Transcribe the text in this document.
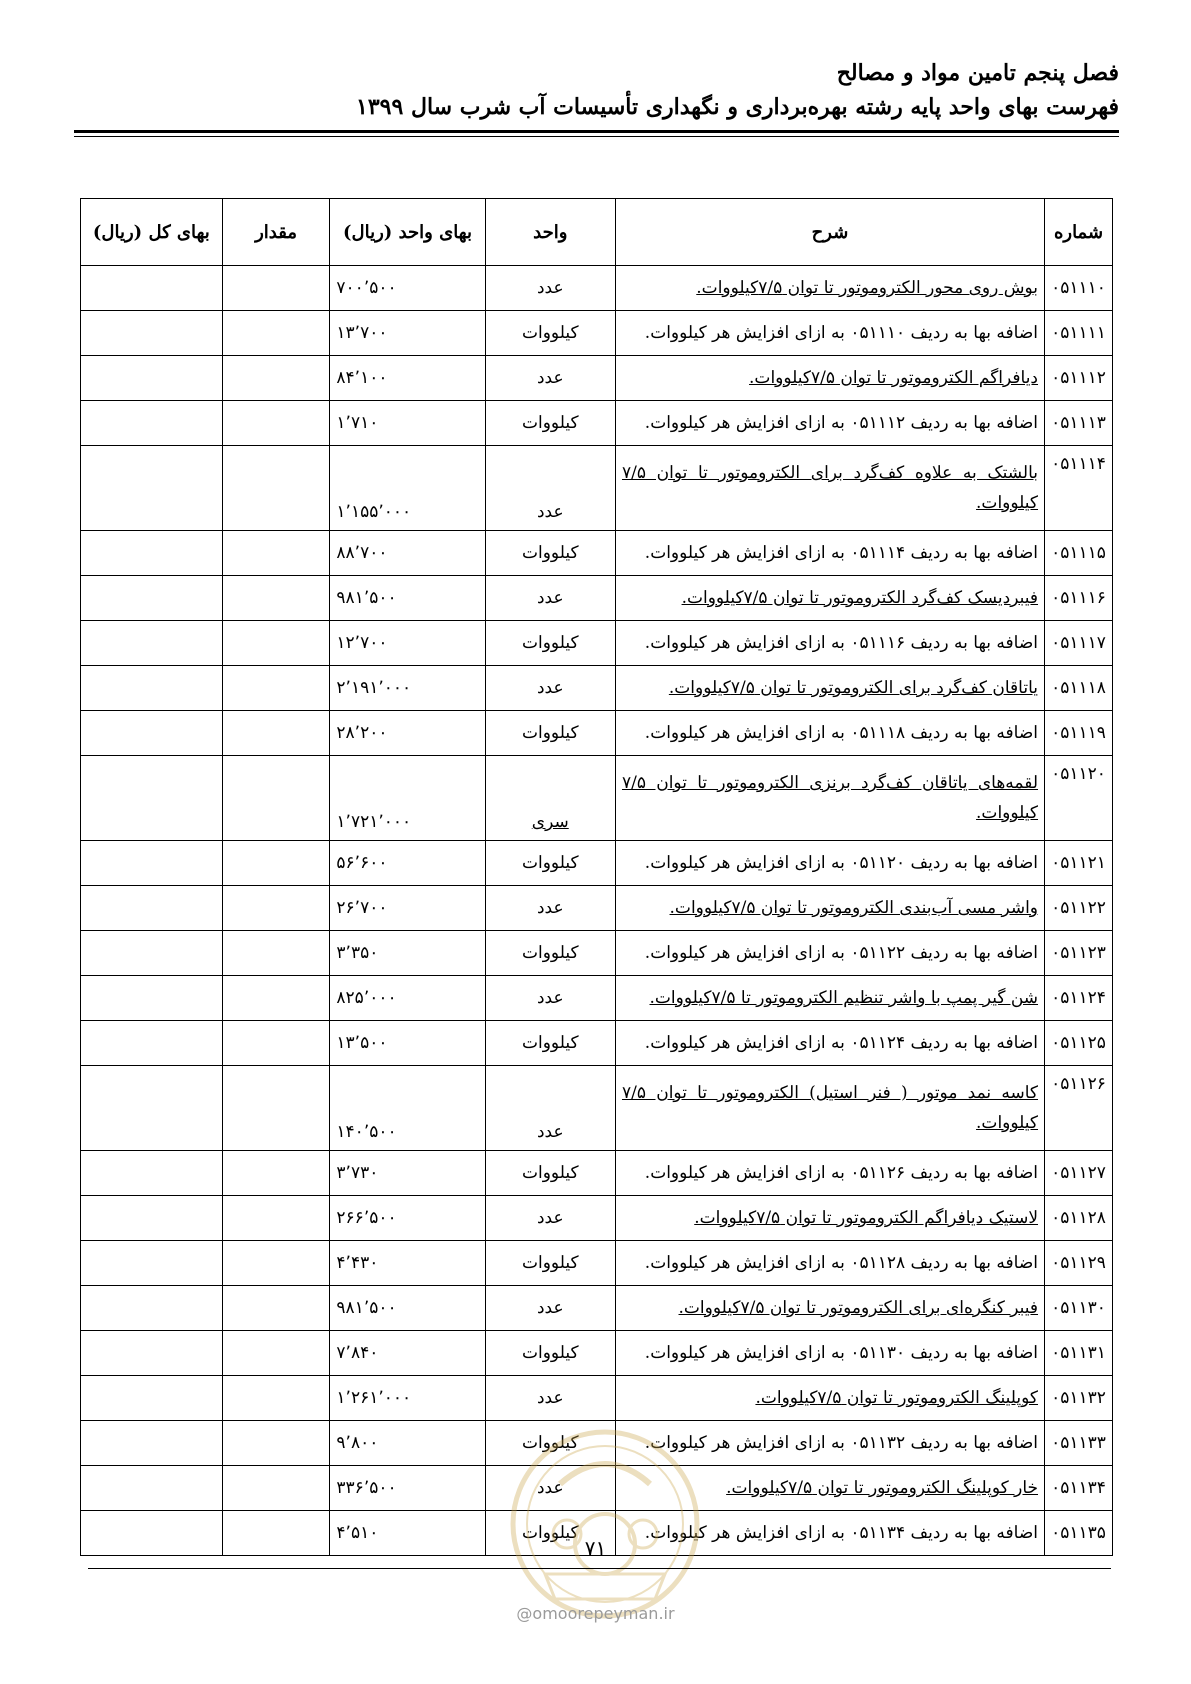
فصل پنجم تامین مواد و مصالح
فهرست بهای واحد پایه رشته بهره‌برداری و نگهداری تأسیسات آب شرب سال ۱۳۹۹
شماره	شرح	واحد	بهای واحد (ریال)	مقدار	بهای کل (ریال)
۰۵۱۱۱۰	بوش روی محور الکتروموتور تا توان ۷/۵کیلووات.	عدد	۷۰۰٬۵۰۰		
۰۵۱۱۱۱	اضافه بها به ردیف ۰۵۱۱۱۰ به ازای افزایش هر کیلووات.	کیلووات	۱۳٬۷۰۰		
۰۵۱۱۱۲	دیافراگم الکتروموتور تا توان ۷/۵کیلووات.	عدد	۸۴٬۱۰۰		
۰۵۱۱۱۳	اضافه بها به ردیف ۰۵۱۱۱۲ به ازای افزایش هر کیلووات.	کیلووات	۱٬۷۱۰		
۰۵۱۱۱۴	بالشتک به علاوه کف‌گرد برای الکتروموتور تا توان ۷/۵ کیلووات.	عدد	۱٬۱۵۵٬۰۰۰		
۰۵۱۱۱۵	اضافه بها به ردیف ۰۵۱۱۱۴ به ازای افزایش هر کیلووات.	کیلووات	۸۸٬۷۰۰		
۰۵۱۱۱۶	فیبردیسک کف‌گرد الکتروموتور تا توان ۷/۵کیلووات.	عدد	۹۸۱٬۵۰۰		
۰۵۱۱۱۷	اضافه بها به ردیف ۰۵۱۱۱۶ به ازای افزایش هر کیلووات.	کیلووات	۱۲٬۷۰۰		
۰۵۱۱۱۸	یاتاقان کف‌گرد برای الکتروموتور تا توان ۷/۵کیلووات.	عدد	۲٬۱۹۱٬۰۰۰		
۰۵۱۱۱۹	اضافه بها به ردیف ۰۵۱۱۱۸ به ازای افزایش هر کیلووات.	کیلووات	۲۸٬۲۰۰		
۰۵۱۱۲۰	لقمه‌های یاتاقان کف‌گرد برنزی الکتروموتور تا توان ۷/۵ کیلووات.	سری	۱٬۷۲۱٬۰۰۰		
۰۵۱۱۲۱	اضافه بها به ردیف ۰۵۱۱۲۰ به ازای افزایش هر کیلووات.	کیلووات	۵۶٬۶۰۰		
۰۵۱۱۲۲	واشر مسی آب‌بندی الکتروموتور تا توان ۷/۵کیلووات.	عدد	۲۶٬۷۰۰		
۰۵۱۱۲۳	اضافه بها به ردیف ۰۵۱۱۲۲ به ازای افزایش هر کیلووات.	کیلووات	۳٬۳۵۰		
۰۵۱۱۲۴	شن گیر پمپ با واشر تنظیم الکتروموتور تا ۷/۵کیلووات.	عدد	۸۲۵٬۰۰۰		
۰۵۱۱۲۵	اضافه بها به ردیف ۰۵۱۱۲۴ به ازای افزایش هر کیلووات.	کیلووات	۱۳٬۵۰۰		
۰۵۱۱۲۶	کاسه نمد موتور ( فنر استیل) الکتروموتور تا توان ۷/۵ کیلووات.	عدد	۱۴۰٬۵۰۰		
۰۵۱۱۲۷	اضافه بها به ردیف ۰۵۱۱۲۶ به ازای افزایش هر کیلووات.	کیلووات	۳٬۷۳۰		
۰۵۱۱۲۸	لاستیک دیافراگم الکتروموتور تا توان ۷/۵کیلووات.	عدد	۲۶۶٬۵۰۰		
۰۵۱۱۲۹	اضافه بها به ردیف ۰۵۱۱۲۸ به ازای افزایش هر کیلووات.	کیلووات	۴٬۴۳۰		
۰۵۱۱۳۰	فیبر کنگره‌ای برای الکتروموتور تا توان ۷/۵کیلووات.	عدد	۹۸۱٬۵۰۰		
۰۵۱۱۳۱	اضافه بها به ردیف ۰۵۱۱۳۰ به ازای افزایش هر کیلووات.	کیلووات	۷٬۸۴۰		
۰۵۱۱۳۲	کوپلینگ الکتروموتور تا توان ۷/۵کیلووات.	عدد	۱٬۲۶۱٬۰۰۰		
۰۵۱۱۳۳	اضافه بها به ردیف ۰۵۱۱۳۲ به ازای افزایش هر کیلووات.	کیلووات	۹٬۸۰۰		
۰۵۱۱۳۴	خار کوپلینگ الکتروموتور تا توان ۷/۵کیلووات.	عدد	۳۳۶٬۵۰۰		
۰۵۱۱۳۵	اضافه بها به ردیف ۰۵۱۱۳۴ به ازای افزایش هر کیلووات.	کیلووات	۴٬۵۱۰		
۷۱
@omoorepeyman.ir
